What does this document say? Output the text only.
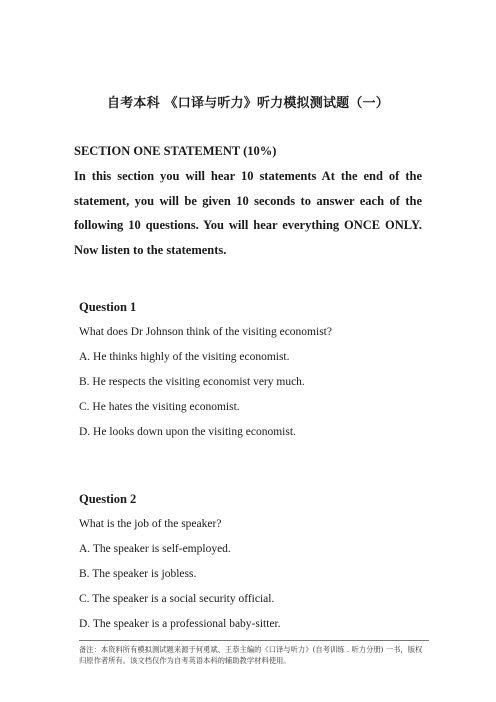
自考本科 《口译与听力》听力模拟测试题（一）
SECTION ONE STATEMENT (10%)
In this section you will hear 10 statements At the end of the statement, you will be given 10 seconds to answer each of the following 10 questions. You will hear everything ONCE ONLY. Now listen to the statements.
Question 1
What does Dr Johnson think of the visiting economist?
A. He thinks highly of the visiting economist.
B. He respects the visiting economist very much.
C. He hates the visiting economist.
D. He looks down upon the visiting economist.
Question 2
What is the job of the speaker?
A. The speaker is self-employed.
B. The speaker is jobless.
C. The speaker is a social security official.
D. The speaker is a professional baby-sitter.
备注：本资料所有模拟测试题来源于何勇斌、王恭主编的《口译与听力》(自考训练 . 听力分册) 一书，版权归原作者所有。该文档仅作为自考英语本科的辅助教学材料使用。
